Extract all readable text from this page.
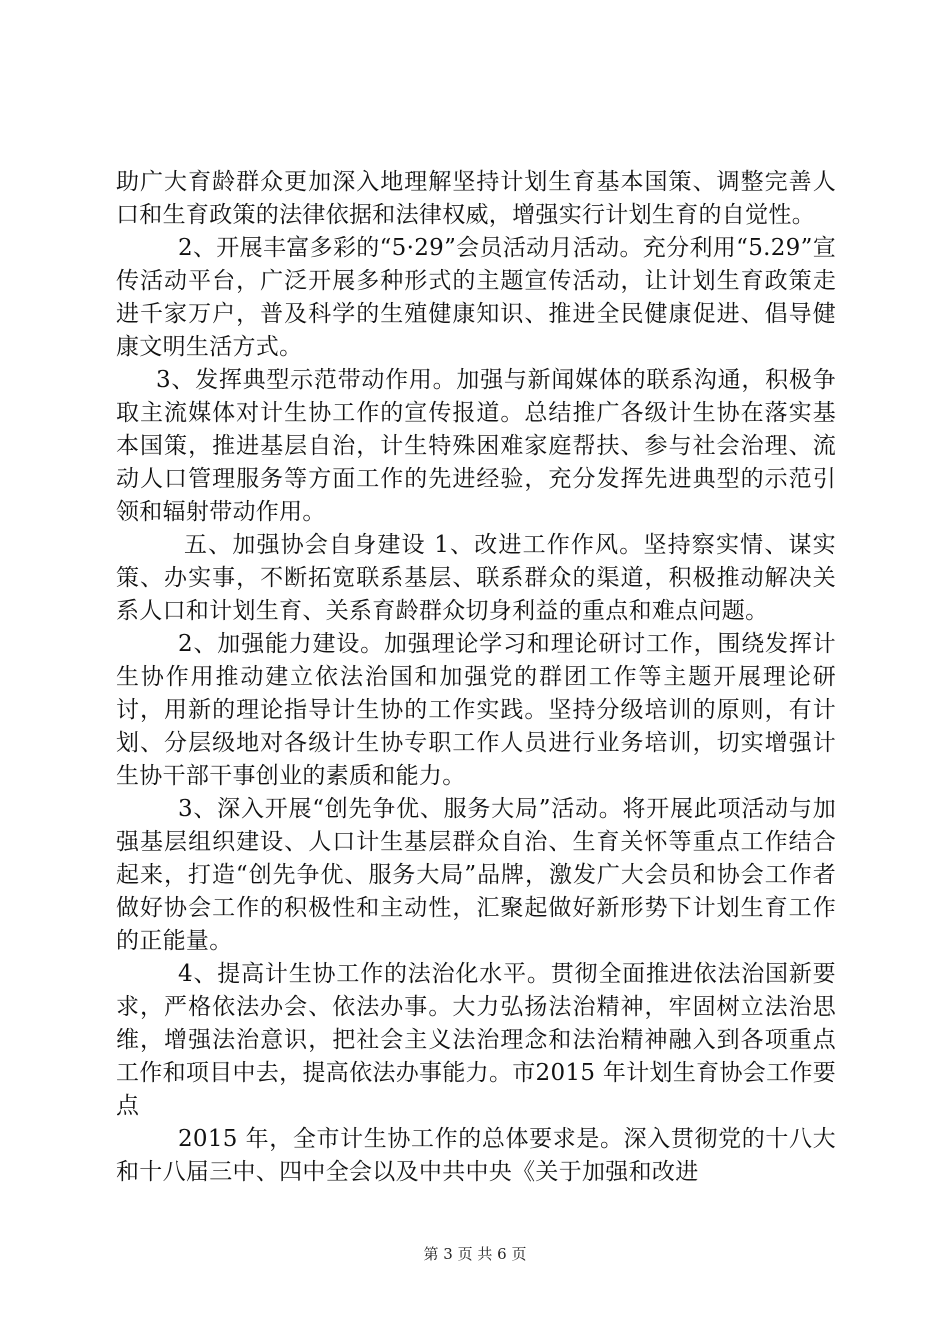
助广大育龄群众更加深入地理解坚持计划生育基本国策、调整完善人口和生育政策的法律依据和法律权威，增强实行计划生育的自觉性。

2、开展丰富多彩的“5·29”会员活动月活动。充分利用“5.29”宣传活动平台，广泛开展多种形式的主题宣传活动，让计划生育政策走进千家万户，普及科学的生殖健康知识、推进全民健康促进、倡导健康文明生活方式。

3、发挥典型示范带动作用。加强与新闻媒体的联系沟通，积极争取主流媒体对计生协工作的宣传报道。总结推广各级计生协在落实基本国策，推进基层自治，计生特殊困难家庭帮扶、参与社会治理、流动人口管理服务等方面工作的先进经验，充分发挥先进典型的示范引领和辐射带动作用。

五、加强协会自身建设 1、改进工作作风。坚持察实情、谋实策、办实事，不断拓宽联系基层、联系群众的渠道，积极推动解决关系人口和计划生育、关系育龄群众切身利益的重点和难点问题。

2、加强能力建设。加强理论学习和理论研讨工作，围绕发挥计生协作用推动建立依法治国和加强党的群团工作等主题开展理论研讨，用新的理论指导计生协的工作实践。坚持分级培训的原则，有计划、分层级地对各级计生协专职工作人员进行业务培训，切实增强计生协干部干事创业的素质和能力。

3、深入开展“创先争优、服务大局”活动。将开展此项活动与加强基层组织建设、人口计生基层群众自治、生育关怀等重点工作结合起来，打造“创先争优、服务大局”品牌，激发广大会员和协会工作者做好协会工作的积极性和主动性，汇聚起做好新形势下计划生育工作的正能量。

4、提高计生协工作的法治化水平。贯彻全面推进依法治国新要求，严格依法办会、依法办事。大力弘扬法治精神，牢固树立法治思维，增强法治意识，把社会主义法治理念和法治精神融入到各项重点工作和项目中去，提高依法办事能力。市2015 年计划生育协会工作要点

2015 年，全市计生协工作的总体要求是。深入贯彻党的十八大和十八届三中、四中全会以及中共中央《关于加强和改进

第 3 页 共 6 页
